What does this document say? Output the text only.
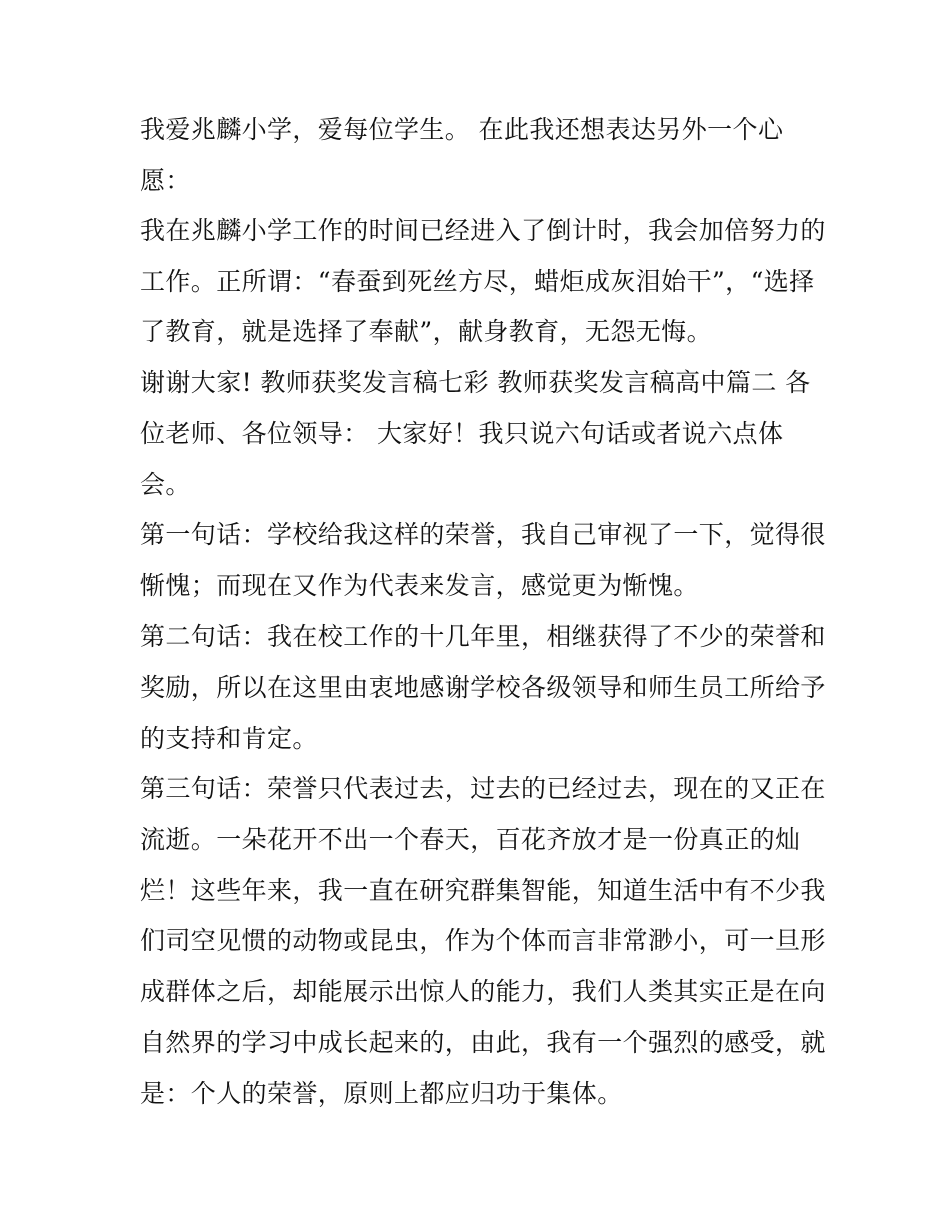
我爱兆麟小学，爱每位学生。 在此我还想表达另外一个心
愿：
我在兆麟小学工作的时间已经进入了倒计时，我会加倍努力的
工作。正所谓：“春蚕到死丝方尽，蜡炬成灰泪始干”，“选择
了教育，就是选择了奉献”，献身教育，无怨无悔。
谢谢大家! 教师获奖发言稿七彩 教师获奖发言稿高中篇二 各
位老师、各位领导： 大家好！我只说六句话或者说六点体
会。
第一句话：学校给我这样的荣誉，我自己审视了一下，觉得很
惭愧；而现在又作为代表来发言，感觉更为惭愧。
第二句话：我在校工作的十几年里，相继获得了不少的荣誉和
奖励，所以在这里由衷地感谢学校各级领导和师生员工所给予
的支持和肯定。
第三句话：荣誉只代表过去，过去的已经过去，现在的又正在
流逝。一朵花开不出一个春天，百花齐放才是一份真正的灿
烂！这些年来，我一直在研究群集智能，知道生活中有不少我
们司空见惯的动物或昆虫，作为个体而言非常渺小，可一旦形
成群体之后，却能展示出惊人的能力，我们人类其实正是在向
自然界的学习中成长起来的，由此，我有一个强烈的感受，就
是：个人的荣誉，原则上都应归功于集体。
